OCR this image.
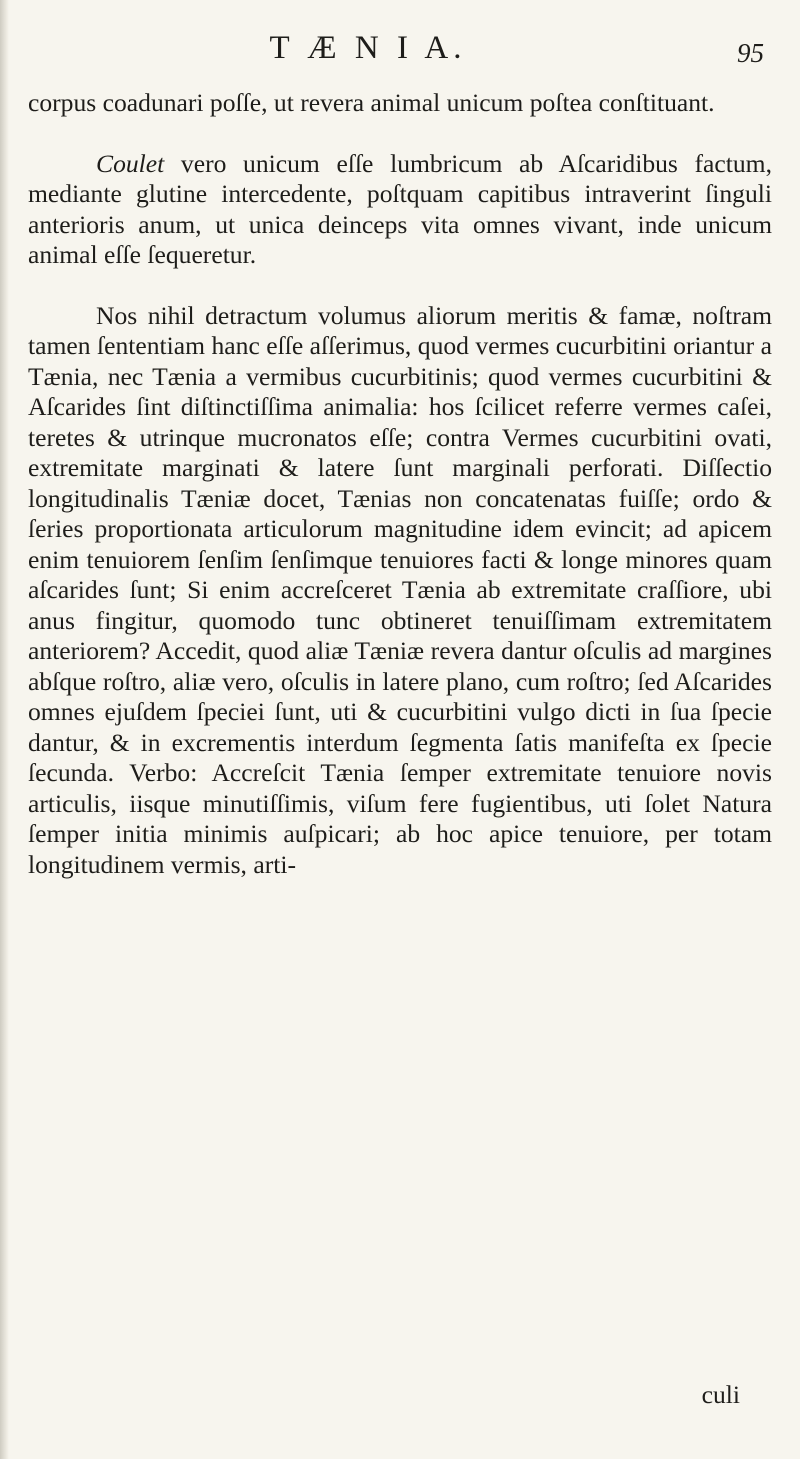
T Æ N I A.	95

corpus coadunari poſſe, ut revera animal unicum poſtea conſtituant.

Coulet vero unicum eſſe lumbricum ab Aſcaridibus factum, mediante glutine intercedente, poſtquam capitibus intraverint ſinguli anterioris anum, ut unica deinceps vita omnes vivant, inde unicum animal eſſe ſequeretur.

Nos nihil detractum volumus aliorum meritis & famæ, noſtram tamen ſententiam hanc eſſe aſſerimus, quod vermes cucurbitini oriantur a Tænia, nec Tænia a vermibus cucurbitinis; quod vermes cucurbitini & Aſcarides ſint diſtinctiſſima animalia: hos ſcilicet referre vermes caſei, teretes & utrinque mucronatos eſſe; contra Vermes cucurbitini ovati, extremitate marginati & latere ſunt marginali perforati. Diſſectio longitudinalis Tæniæ docet, Tænias non concatenatas fuiſſe; ordo & ſeries proportionata articulorum magnitudine idem evincit; ad apicem enim tenuiorem ſenſim ſenſimque tenuiores facti & longe minores quam aſcarides ſunt; Si enim accreſceret Tænia ab extremitate craſſiore, ubi anus fingitur, quomodo tunc obtineret tenuiſſimam extremitatem anteriorem? Accedit, quod aliæ Tæniæ revera dantur oſculis ad margines abſque roſtro, aliæ vero, oſculis in latere plano, cum roſtro; ſed Aſcarides omnes ejuſdem ſpeciei ſunt, uti & cucurbitini vulgo dicti in ſua ſpecie dantur, & in excrementis interdum ſegmenta ſatis manifeſta ex ſpecie ſecunda. Verbo: Accreſcit Tænia ſemper extremitate tenuiore novis articulis, iisque minutiſſimis, viſum fere fugientibus, uti ſolet Natura ſemper initia minimis auſpicari; ab hoc apice tenuiore, per totam longitudinem vermis, arti-

culi
